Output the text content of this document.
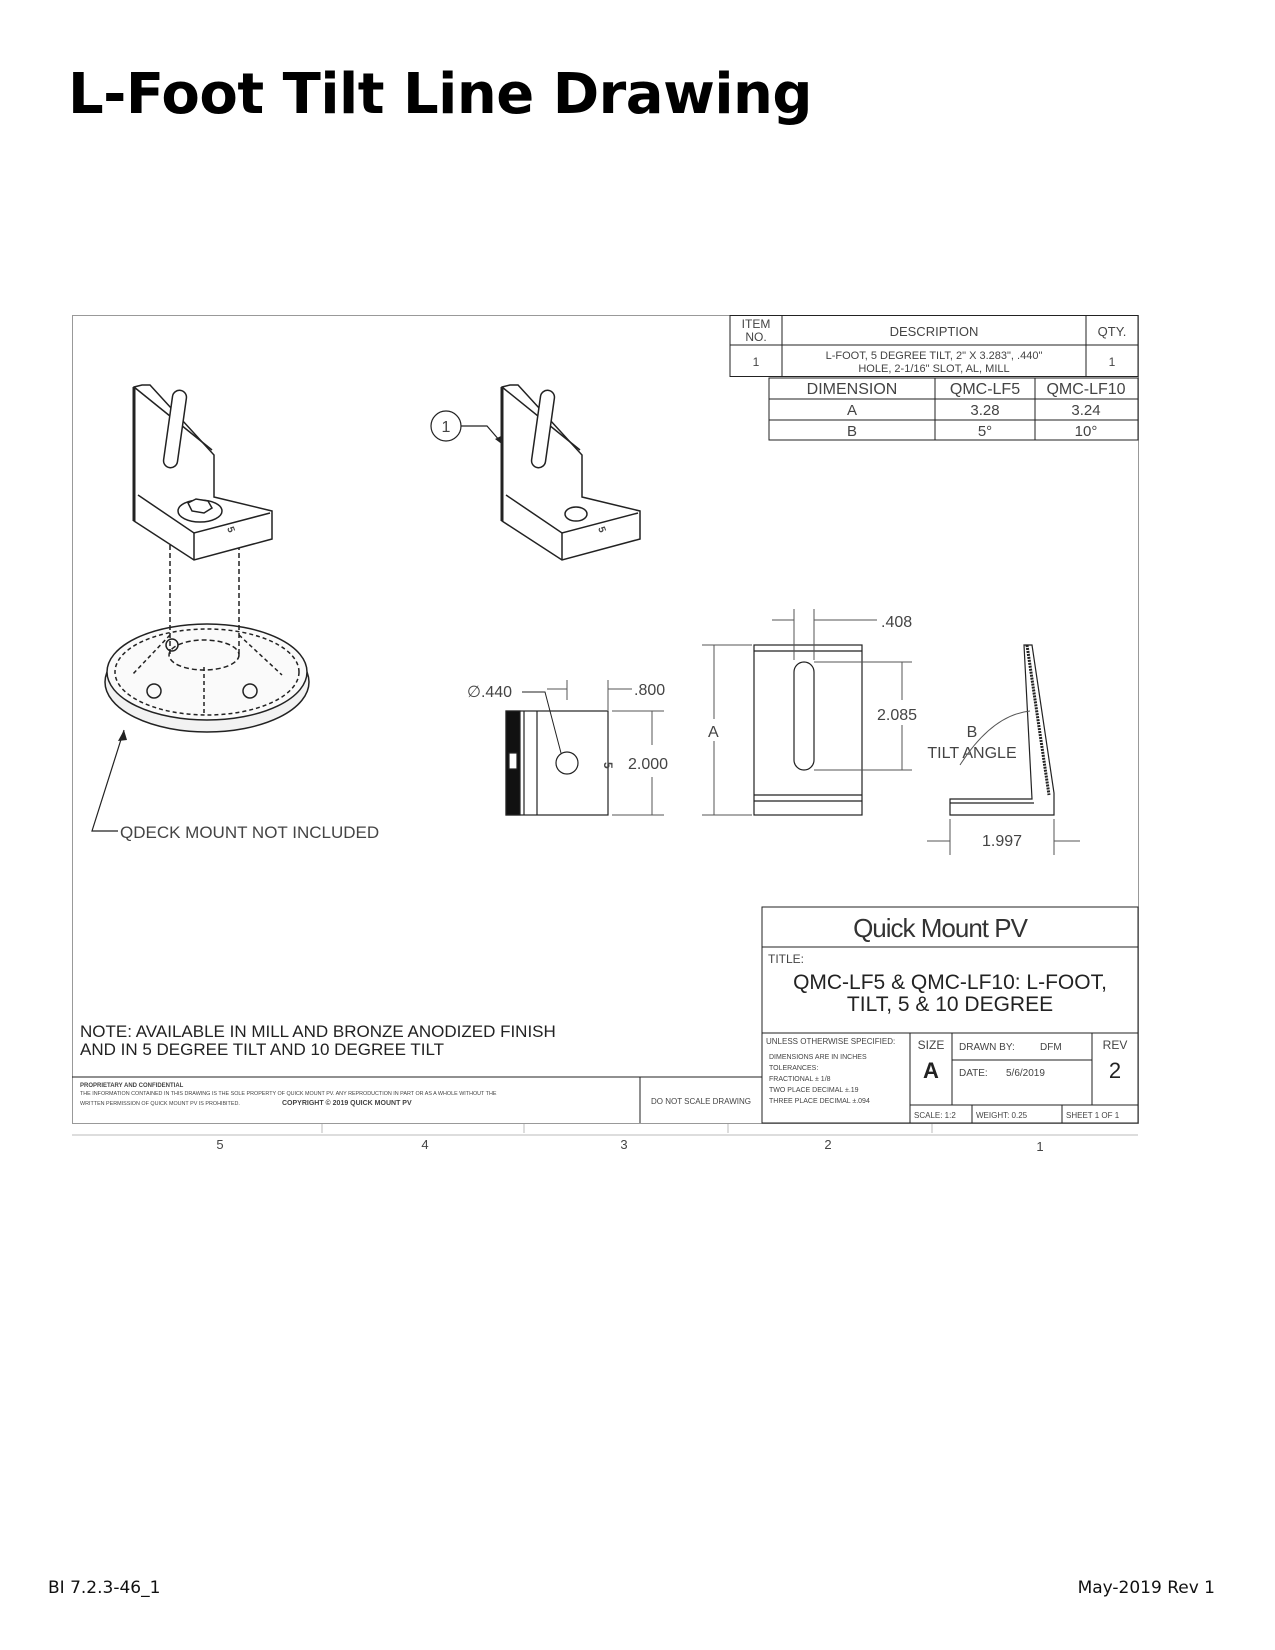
L-Foot Tilt Line Drawing
ITEM
NO.	DESCRIPTION	QTY.
1	L-FOOT, 5 DEGREE TILT, 2" X 3.283", .440"
HOLE, 2-1/16" SLOT, AL, MILL	1
DIMENSION	QMC-LF5 QMC-LF10
A	3.28	3.24
B	5°	10°
5
QDECK MOUNT NOT INCLUDED
5
1
5
∅.440	.800
2.000
A
.408
2.085
B
TILT ANGLE
1.997
Quick Mount PV
TITLE:
QMC-LF5 & QMC-LF10: L-FOOT,
TILT, 5 & 10 DEGREE
UNLESS OTHERWISE SPECIFIED:
DIMENSIONS ARE IN INCHES
TOLERANCES:
FRACTIONAL ± 1/8
TWO PLACE DECIMAL ±.19
THREE PLACE DECIMAL ±.094
SIZE
A
DRAWN BY:	DFM
DATE: 5/6/2019
REV
2
SCALE: 1:2	WEIGHT: 0.25	SHEET 1 OF 1
DO NOT SCALE DRAWING
PROPRIETARY AND CONFIDENTIAL
THE INFORMATION CONTAINED IN THIS DRAWING IS THE SOLE PROPERTY OF QUICK MOUNT PV. ANY REPRODUCTION IN PART OR AS A WHOLE WITHOUT THE
WRITTEN PERMISSION OF QUICK MOUNT PV IS PROHIBITED.	COPYRIGHT © 2019 QUICK MOUNT PV
NOTE: AVAILABLE IN MILL AND BRONZE ANODIZED FINISH
AND IN 5 DEGREE TILT AND 10 DEGREE TILT
5	4	3	2	1
BI 7.2.3-46_1	May-2019 Rev 1
